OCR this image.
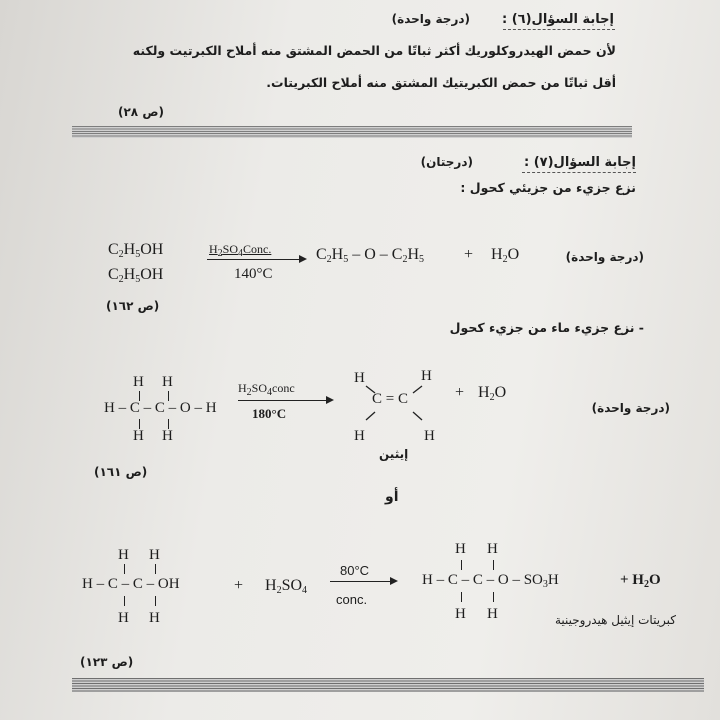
إجابة السؤال(٦) :
(درجة واحدة)
لأن حمض الهيدروكلوريك أكثر ثباتًا من الحمض المشتق منه أملاح الكبرتيت ولكنه
أقل ثباتًا من حمض الكبريتيك المشتق منه أملاح الكبريتات.
(ص ٢٨)
إجابة السؤال(٧) :
(درجتان)
نزع جزيء من جزيئي كحول :
$C_2H_5OH$
$C_2H_5OH$
$H_2SO_4Conc$.
140°C
$C_2H_5 - O - C_2H_5 + H_2O$	(درجة واحدة)
(ص ١٦٢)
- نزع جزيء ماء من جزيء كحول
H H
H – C – C – O – H
H H
$H_2SO_4conc$
180°C
H	H
C = C
H	H
إيثين
+ $H_2O$
(درجة واحدة)
(ص ١٦١)
أو
H H
H – C – C – OH
H H
+ $H_2SO_4$
80°C
conc.
H H
H – C – C – O – $SO_3H$	+ $H_2O$
H H	كبريتات إيثيل هيدروجينية
(ص ١٢٣)
